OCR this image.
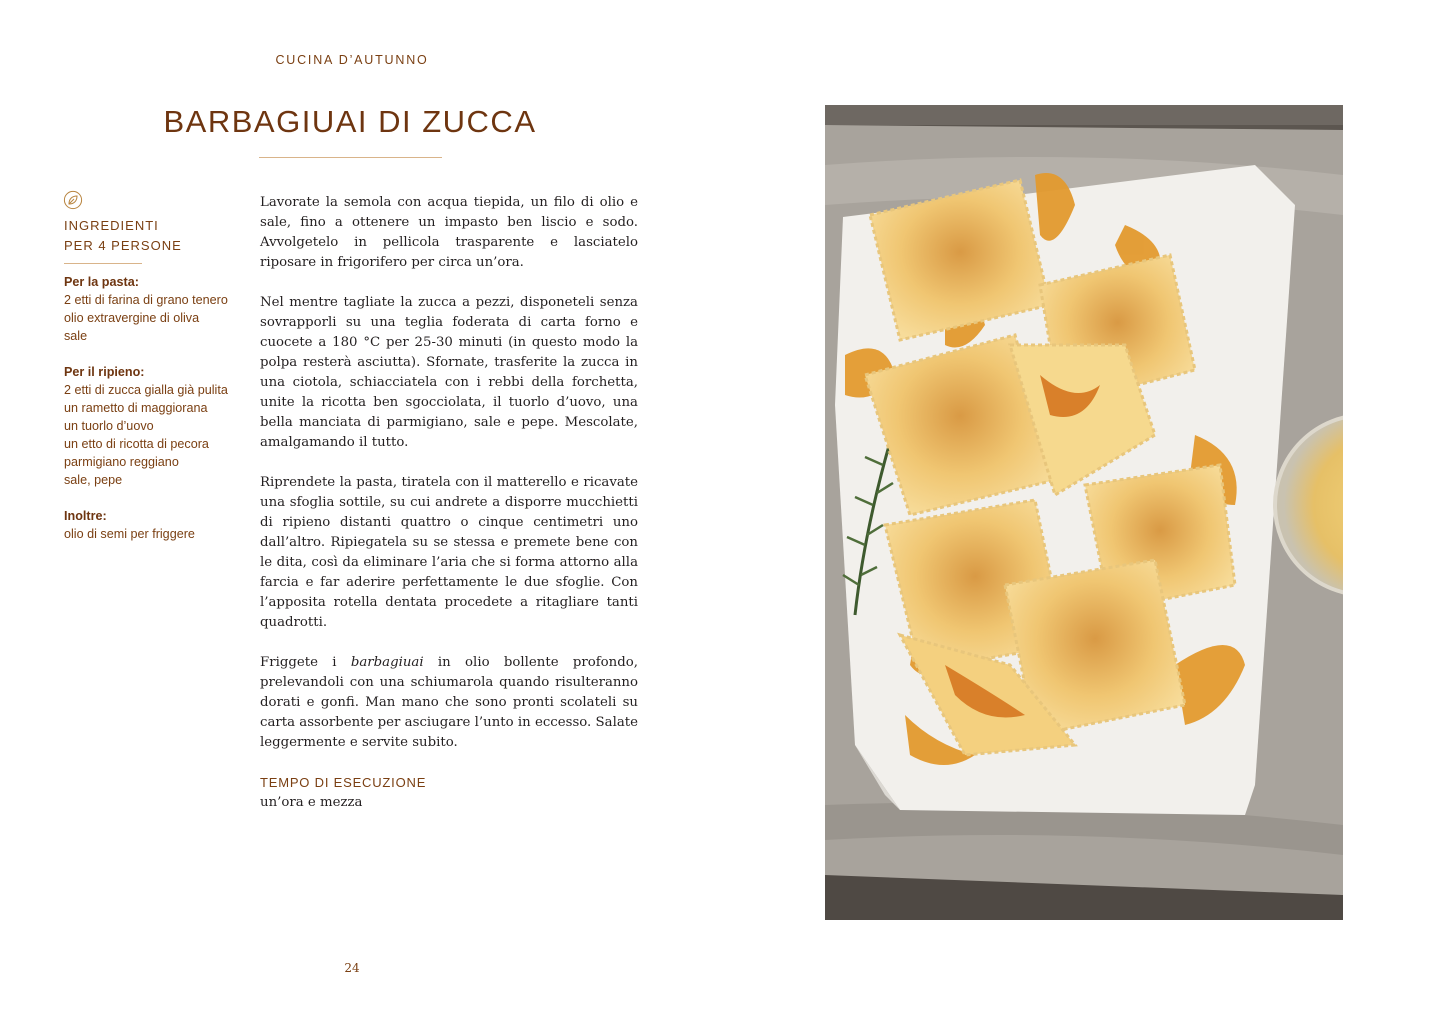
CUCINA D’AUTUNNO
BARBAGIUAI DI ZUCCA
INGREDIENTI
PER 4 PERSONE
Per la pasta:
2 etti di farina di grano tenero
olio extravergine di oliva
sale
Per il ripieno:
2 etti di zucca gialla già pulita
un rametto di maggiorana
un tuorlo d’uovo
un etto di ricotta di pecora
parmigiano reggiano
sale, pepe
Inoltre:
olio di semi per friggere

Lavorate la semola con acqua tiepida, un filo di olio e sale, fino a ottenere un impasto ben liscio e sodo. Avvolgetelo in pellicola trasparente e lasciatelo riposare in frigorifero per circa un’ora.

Nel mentre tagliate la zucca a pezzi, disponeteli senza sovrapporli su una teglia foderata di carta forno e cuocete a 180 °C per 25-30 minuti (in questo modo la polpa resterà asciutta). Sfornate, trasferite la zucca in una ciotola, schiacciatela con i rebbi della forchetta, unite la ricotta ben sgocciolata, il tuorlo d’uovo, una bella manciata di parmigiano, sale e pepe. Mescolate, amalgamando il tutto.

Riprendete la pasta, tiratela con il matterello e ricavate una sfoglia sottile, su cui andrete a disporre mucchietti di ripieno distanti quattro o cinque centimetri uno dall’altro. Ripiegatela su se stessa e premete bene con le dita, così da eliminare l’aria che si forma attorno alla farcia e far aderire perfettamente le due sfoglie. Con l’apposita rotella dentata procedete a ritagliare tanti quadrotti.

Friggete i barbagiuai in olio bollente profondo, prelevandoli con una schiumarola quando risulteranno dorati e gonfi. Man mano che sono pronti scolateli su carta assorbente per asciugare l’unto in eccesso. Salate leggermente e servite subito.

TEMPO DI ESECUZIONE
un’ora e mezza
24
